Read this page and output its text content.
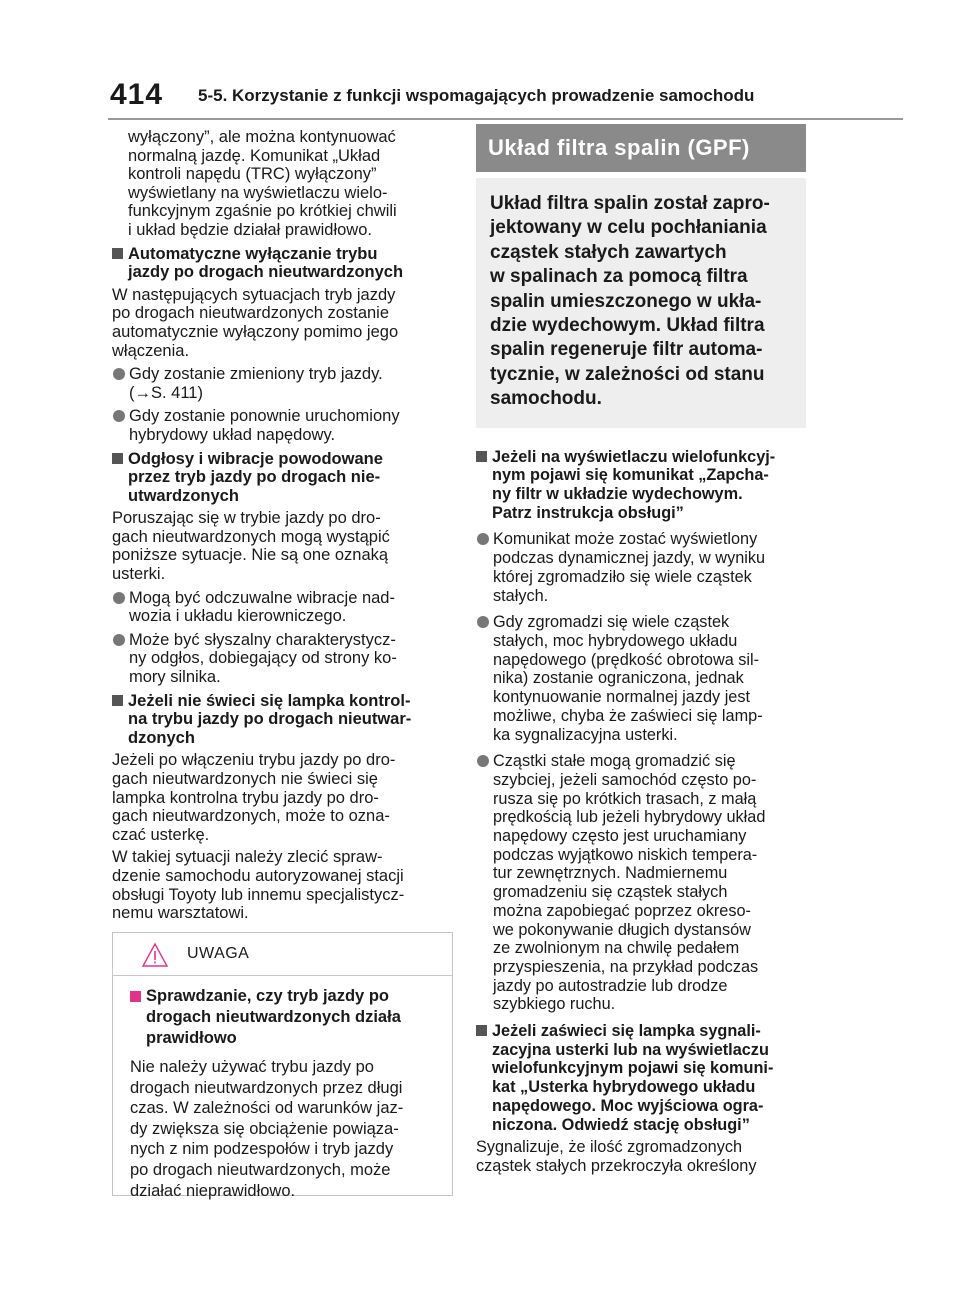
414 5-5. Korzystanie z funkcji wspomagających prowadzenie samochodu

wyłączony”, ale można kontynuować
normalną jazdę. Komunikat „Układ
kontroli napędu (TRC) wyłączony”
wyświetlany na wyświetlaczu wielo-
funkcyjnym zgaśnie po krótkiej chwili
i układ będzie działał prawidłowo.

Automatyczne wyłączanie trybu
jazdy po drogach nieutwardzonych

W następujących sytuacjach tryb jazdy
po drogach nieutwardzonych zostanie
automatycznie wyłączony pomimo jego
włączenia.

Gdy zostanie zmieniony tryb jazdy.
(→S. 411)
Gdy zostanie ponownie uruchomiony
hybrydowy układ napędowy.
Odgłosy i wibracje powodowane
przez tryb jazdy po drogach nie-
utwardzonych

Poruszając się w trybie jazdy po dro-
gach nieutwardzonych mogą wystąpić
poniższe sytuacje. Nie są one oznaką
usterki.

Mogą być odczuwalne wibracje nad-
wozia i układu kierowniczego.
Może być słyszalny charakterystycz-
ny odgłos, dobiegający od strony ko-
mory silnika.
Jeżeli nie świeci się lampka kontrol-
na trybu jazdy po drogach nieutwar-
dzonych

Jeżeli po włączeniu trybu jazdy po dro-
gach nieutwardzonych nie świeci się
lampka kontrolna trybu jazdy po dro-
gach nieutwardzonych, może to ozna-
czać usterkę.

W takiej sytuacji należy zlecić spraw-
dzenie samochodu autoryzowanej stacji
obsługi Toyoty lub innemu specjalistycz-
nemu warsztatowi.

UWAGA
Sprawdzanie, czy tryb jazdy po
drogach nieutwardzonych działa
prawidłowo

Nie należy używać trybu jazdy po
drogach nieutwardzonych przez długi
czas. W zależności od warunków jaz-
dy zwiększa się obciążenie powiąza-
nych z nim podzespołów i tryb jazdy
po drogach nieutwardzonych, może
działać nieprawidłowo.

Układ filtra spalin (GPF)
Układ filtra spalin został zapro-
jektowany w celu pochłaniania
cząstek stałych zawartych
w spalinach za pomocą filtra
spalin umieszczonego w ukła-
dzie wydechowym. Układ filtra
spalin regeneruje filtr automa-
tycznie, w zależności od stanu
samochodu.
Jeżeli na wyświetlaczu wielofunkcyj-
nym pojawi się komunikat „Zapcha-
ny filtr w układzie wydechowym.
Patrz instrukcja obsługi”
Komunikat może zostać wyświetlony
podczas dynamicznej jazdy, w wyniku
której zgromadziło się wiele cząstek
stałych.
Gdy zgromadzi się wiele cząstek
stałych, moc hybrydowego układu
napędowego (prędkość obrotowa sil-
nika) zostanie ograniczona, jednak
kontynuowanie normalnej jazdy jest
możliwe, chyba że zaświeci się lamp-
ka sygnalizacyjna usterki.
Cząstki stałe mogą gromadzić się
szybciej, jeżeli samochód często po-
rusza się po krótkich trasach, z małą
prędkością lub jeżeli hybrydowy układ
napędowy często jest uruchamiany
podczas wyjątkowo niskich tempera-
tur zewnętrznych. Nadmiernemu
gromadzeniu się cząstek stałych
można zapobiegać poprzez okreso-
we pokonywanie długich dystansów
ze zwolnionym na chwilę pedałem
przyspieszenia, na przykład podczas
jazdy po autostradzie lub drodze
szybkiego ruchu.
Jeżeli zaświeci się lampka sygnali-
zacyjna usterki lub na wyświetlaczu
wielofunkcyjnym pojawi się komuni-
kat „Usterka hybrydowego układu
napędowego. Moc wyjściowa ogra-
niczona. Odwiedź stację obsługi”

Sygnalizuje, że ilość zgromadzonych
cząstek stałych przekroczyła określony
